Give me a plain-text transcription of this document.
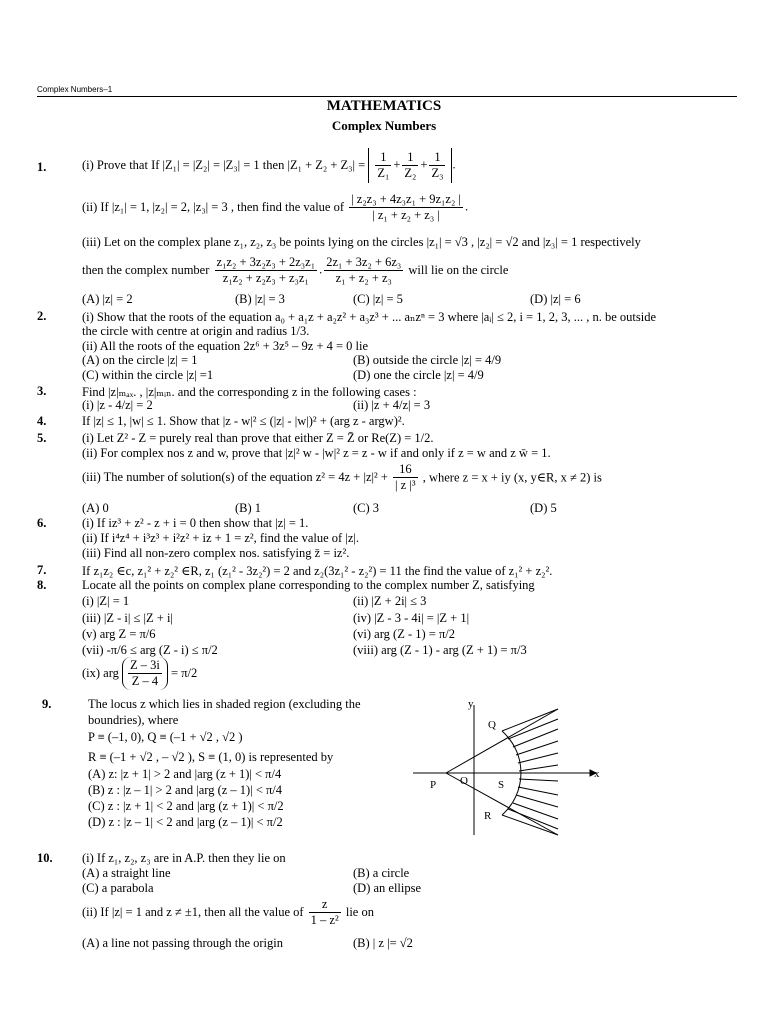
Complex Numbers–1
MATHEMATICS
Complex Numbers
1.	(i) Prove that If |Z₁| = |Z₂| = |Z₃| = 1 then $|Z_1 + Z_2 + Z_3| = \frac{1}{\text{Z₁}} + \frac{1}{\text{Z₂}} + \frac{1}{\text{Z₃}}$ .
(ii) If |z₁| = 1, |z₂| = 2, |z₃| = 3 , then find the value of $\frac{\text{| z₂z₃ + 4z₃z₁ + 9z₁z₂ |}}{\text{| z₁ + z₂ + z₃ |}}$ .
(iii) Let on the complex plane z₁, z₂, z₃ be points lying on the circles |z₁| = √3 , |z₂| = √2 and |z₃| = 1 respectively
then the complex number $\frac{\text{z₁z₂ + 3z₂z₃ + 2z₃z₁}}{\text{z₁z₂ + z₂z₃ + z₃z₁}}$ . $\frac{\text{2z₁ + 3z₂ + 6z₃}}{\text{z₁ + z₂ + z₃}}$ will lie on the circle
(A) |z| = 2	(B) |z| = 3	(C) |z| = 5	(D) |z| = 6
2.	(i) Show that the roots of the equation a₀ + a₁z + a₂z² + a₃z³ + ... aₙzⁿ = 3 where |aᵢ| ≤ 2, i = 1, 2, 3, ... , n. be outside
the circle with centre at origin and radius 1/3.
(ii) All the roots of the equation 2z⁶ + 3z⁵ – 9z + 4 = 0 lie
(A) on the circle |z| = 1	(B) outside the circle |z| = 4/9
(C) within the circle |z| =1	(D) one the circle |z| = 4/9
3.	Find |z|ₘₐₓ. , |z|ₘᵢₙ. and the corresponding z in the following cases :
(i) |z - 4/z| = 2	(ii) |z + 4/z| = 3
4.	If |z| ≤ 1, |w| ≤ 1. Show that |z - w|² ≤ (|z| - |w|)² + (arg z - argw)².
5.	(i) Let Z² - Z = purely real than prove that either Z = Z̄ or Re(Z) = 1/2.
(ii) For complex nos z and w, prove that |z|² w - |w|² z = z - w if and only if z = w and z w̄ = 1.
(iii) The number of solution(s) of the equation $z^2 = 4z + |z|^2 + \frac{16}{\text{| z |³}}$ , where z = x + iy (x, y∈R, x ≠ 2) is
(A) 0	(B) 1	(C) 3	(D) 5
6.	(i) If iz³ + z² - z + i = 0 then show that |z| = 1.
(ii) If i⁴z⁴ + i³z³ + i²z² + iz + 1 = z², find the value of |z|.
(iii) Find all non-zero complex nos. satisfying z̄ = iz².
7.	If z₁z₂ ∈c, z₁² + z₂² ∈R, z₁ (z₁² - 3z₂²) = 2 and z₂(3z₁² - z₂²) = 11 the find the value of z₁² + z₂².
8.	Locate all the points on complex plane corresponding to the complex number Z, satisfying
(i) |Z| = 1	(ii) |Z + 2i| ≤ 3
(iii) |Z - i| ≤ |Z + i|	(iv) |Z - 3 - 4i| = |Z + 1|
(v) arg Z = π/6	(vi) arg (Z - 1) = π/2
(vii) -π/6 ≤ arg (Z - i) ≤ π/2	(viii) arg (Z - 1) - arg (Z + 1) = π/3
(ix) arg $\frac{Z - 3i}{Z - 4} = \pi/2$
9.	The locus z which lies in shaded region (excluding the
boundries), where
P ≡ (–1, 0), Q ≡ (–1 + √2 , √2 )
R ≡ (–1 + √2 , – √2 ), S ≡ (1, 0) is represented by
(A) z: |z + 1| > 2 and |arg (z + 1)| < π/4
(B) z : |z – 1| > 2 and |arg (z – 1)| < π/4
(C) z : |z + 1| < 2 and |arg (z + 1)| < π/2
(D) z : |z – 1| < 2 and |arg (z – 1)| < π/2
y
x
P O	S
Q
R
10. (i) If z₁, z₂, z₃ are in A.P. then they lie on
(A) a straight line	(B) a circle
(C) a parabola	(D) an ellipse
(ii) If |z| = 1 and z ≠ ±1, then all the value of $\frac{z}{\text{1 – z²}}$ lie on
(A) a line not passing through the origin	(B) | z |= √2
